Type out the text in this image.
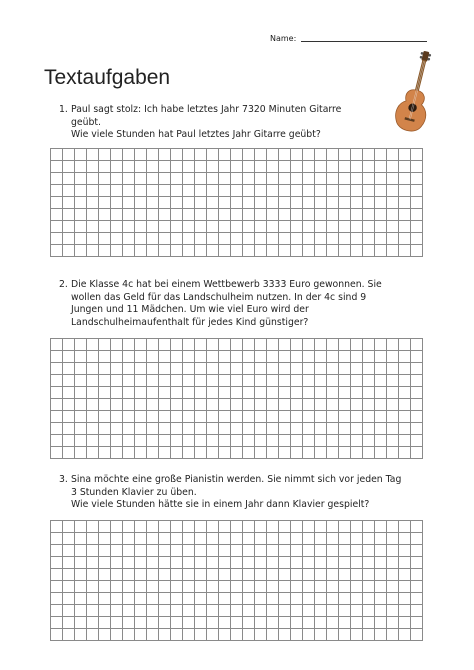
Name:
Textaufgaben

1. Paul sagt stolz: Ich habe letztes Jahr 7320 Minuten Gitarre

geübt.

Wie viele Stunden hat Paul letztes Jahr Gitarre geübt?

2. Die Klasse 4c hat bei einem Wettbewerb 3333 Euro gewonnen. Sie

wollen das Geld für das Landschulheim nutzen. In der 4c sind 9

Jungen und 11 Mädchen. Um wie viel Euro wird der

Landschulheimaufenthalt für jedes Kind günstiger?

3. Sina möchte eine große Pianistin werden. Sie nimmt sich vor jeden Tag

3 Stunden Klavier zu üben.

Wie viele Stunden hätte sie in einem Jahr dann Klavier gespielt?
